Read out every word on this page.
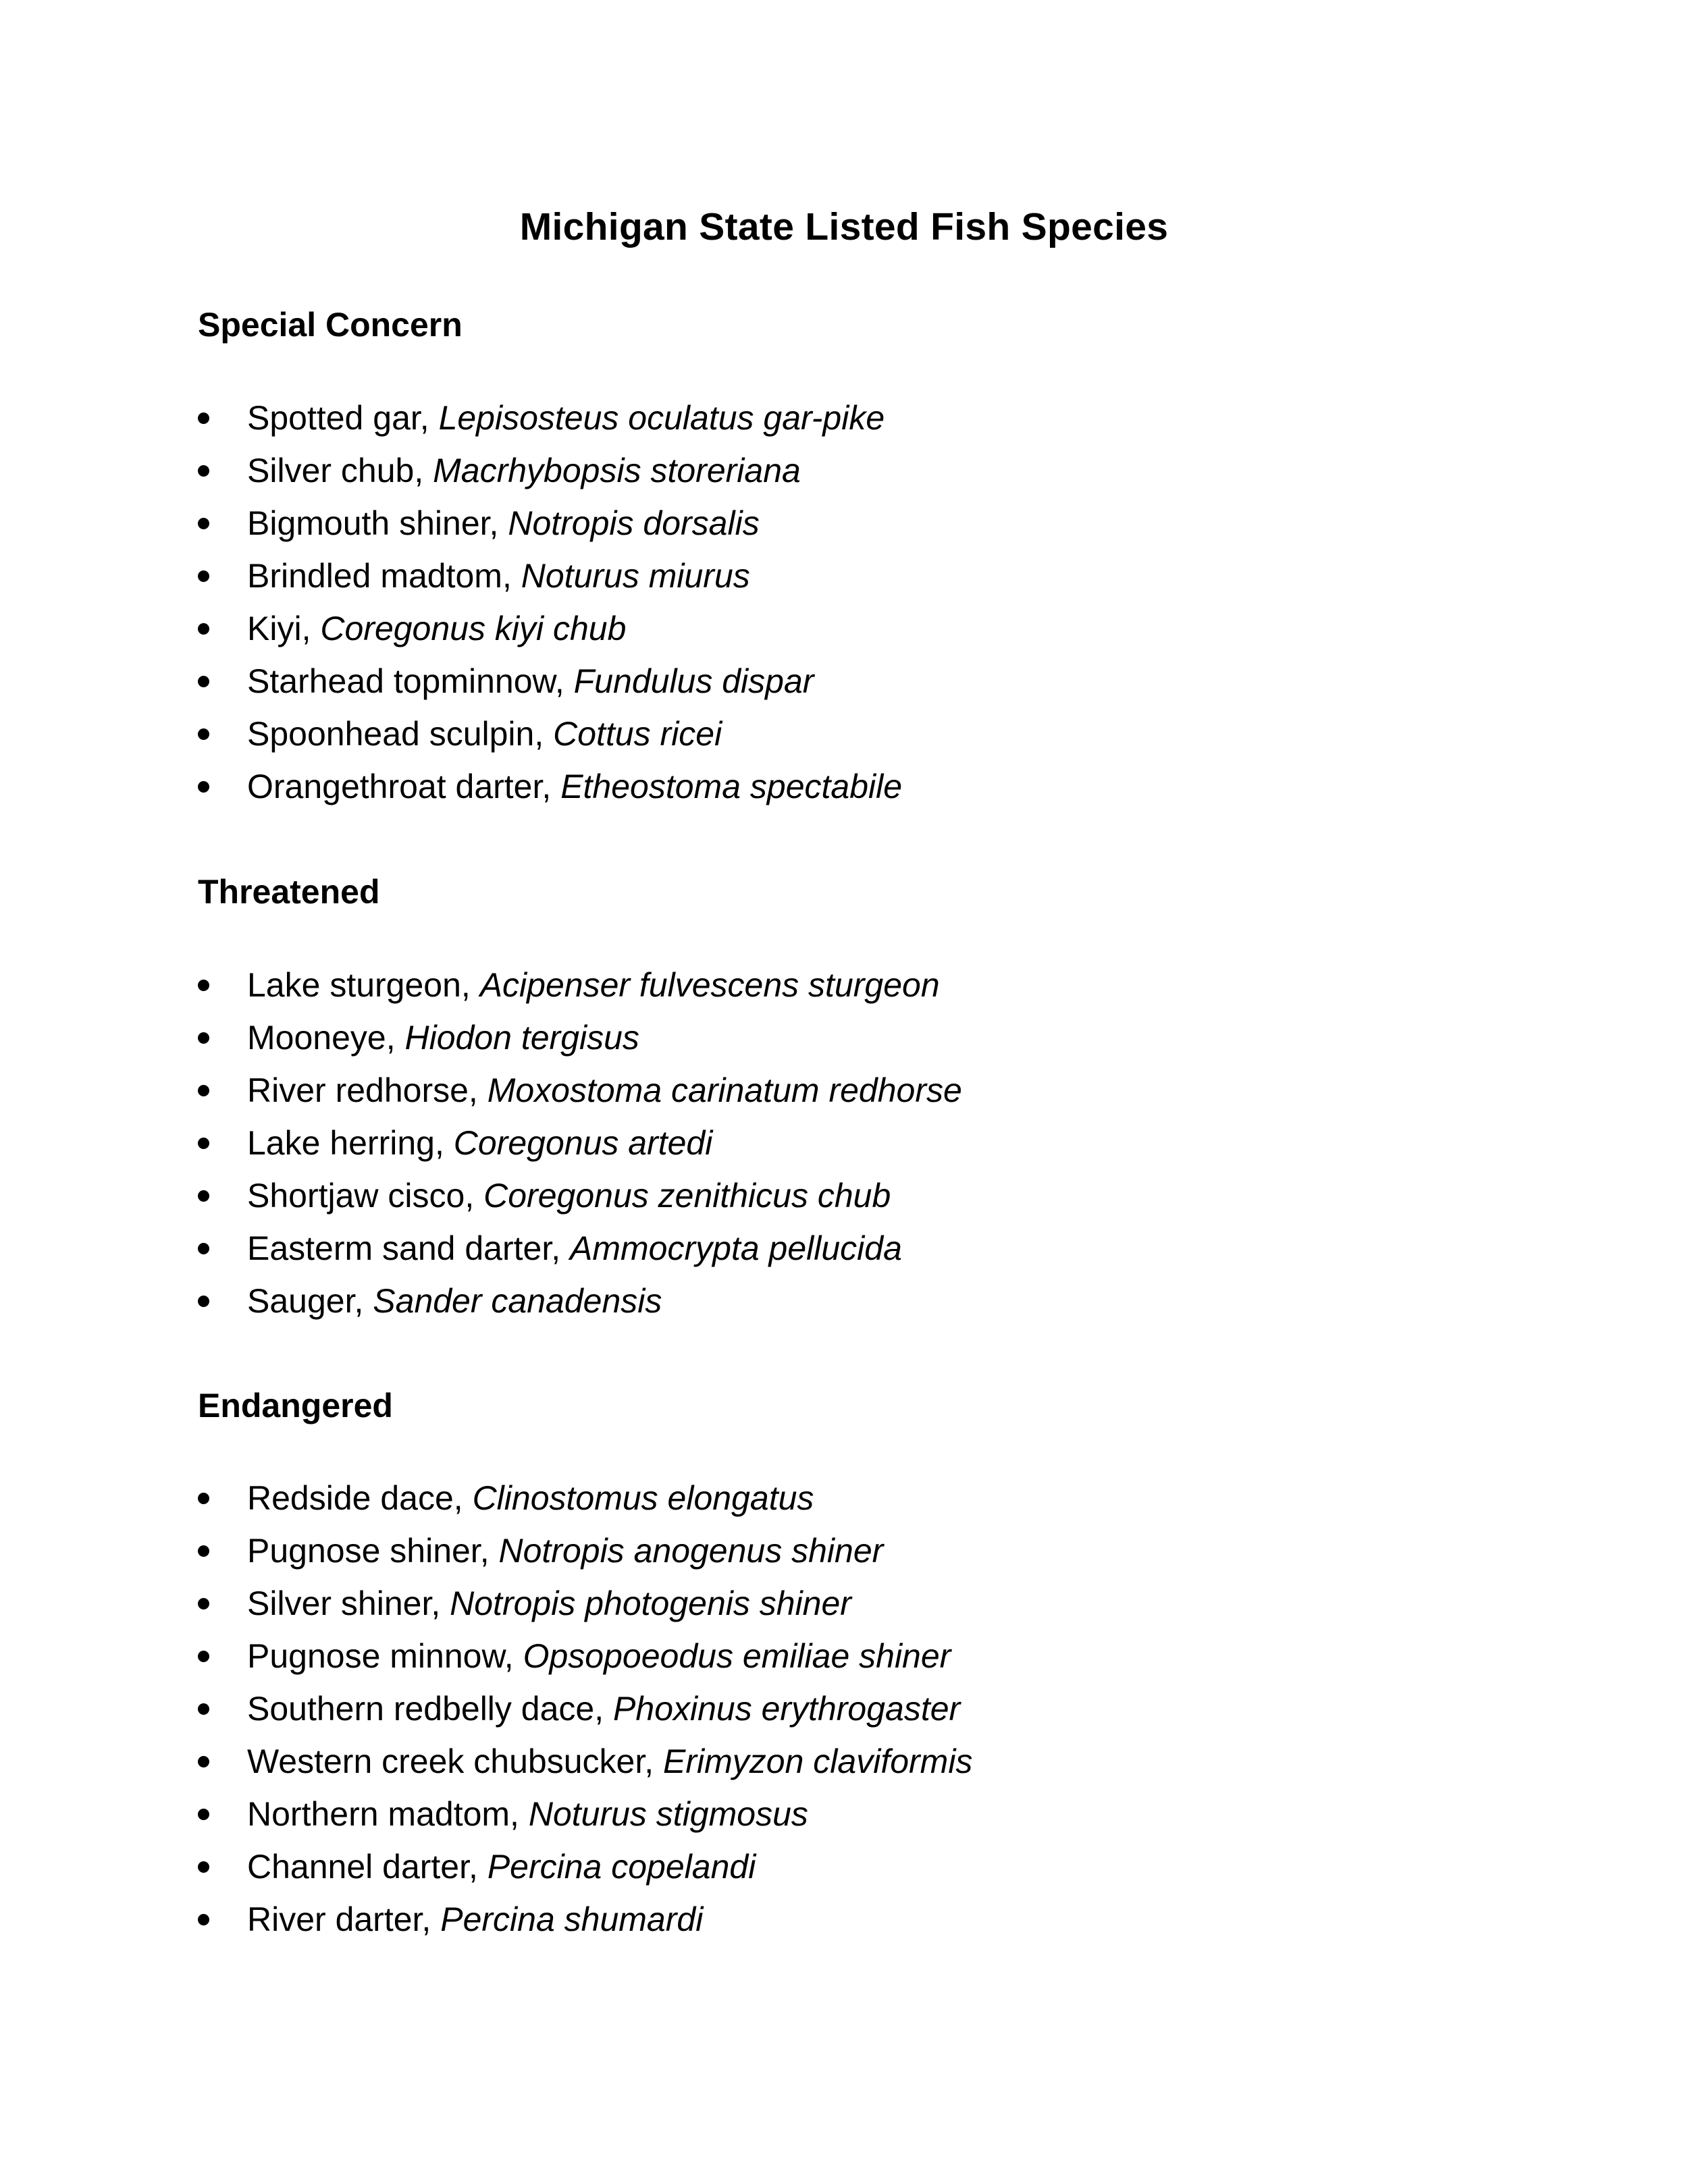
Michigan State Listed Fish Species
Special Concern
Spotted gar, Lepisosteus oculatus gar-pike
Silver chub, Macrhybopsis storeriana
Bigmouth shiner, Notropis dorsalis
Brindled madtom, Noturus miurus
Kiyi, Coregonus kiyi chub
Starhead topminnow, Fundulus dispar
Spoonhead sculpin, Cottus ricei
Orangethroat darter, Etheostoma spectabile
Threatened
Lake sturgeon, Acipenser fulvescens sturgeon
Mooneye, Hiodon tergisus
River redhorse, Moxostoma carinatum redhorse
Lake herring, Coregonus artedi
Shortjaw cisco, Coregonus zenithicus chub
Easterm sand darter, Ammocrypta pellucida
Sauger, Sander canadensis
Endangered
Redside dace, Clinostomus elongatus
Pugnose shiner, Notropis anogenus shiner
Silver shiner, Notropis photogenis shiner
Pugnose minnow, Opsopoeodus emiliae shiner
Southern redbelly dace, Phoxinus erythrogaster
Western creek chubsucker, Erimyzon claviformis
Northern madtom, Noturus stigmosus
Channel darter, Percina copelandi
River darter, Percina shumardi
